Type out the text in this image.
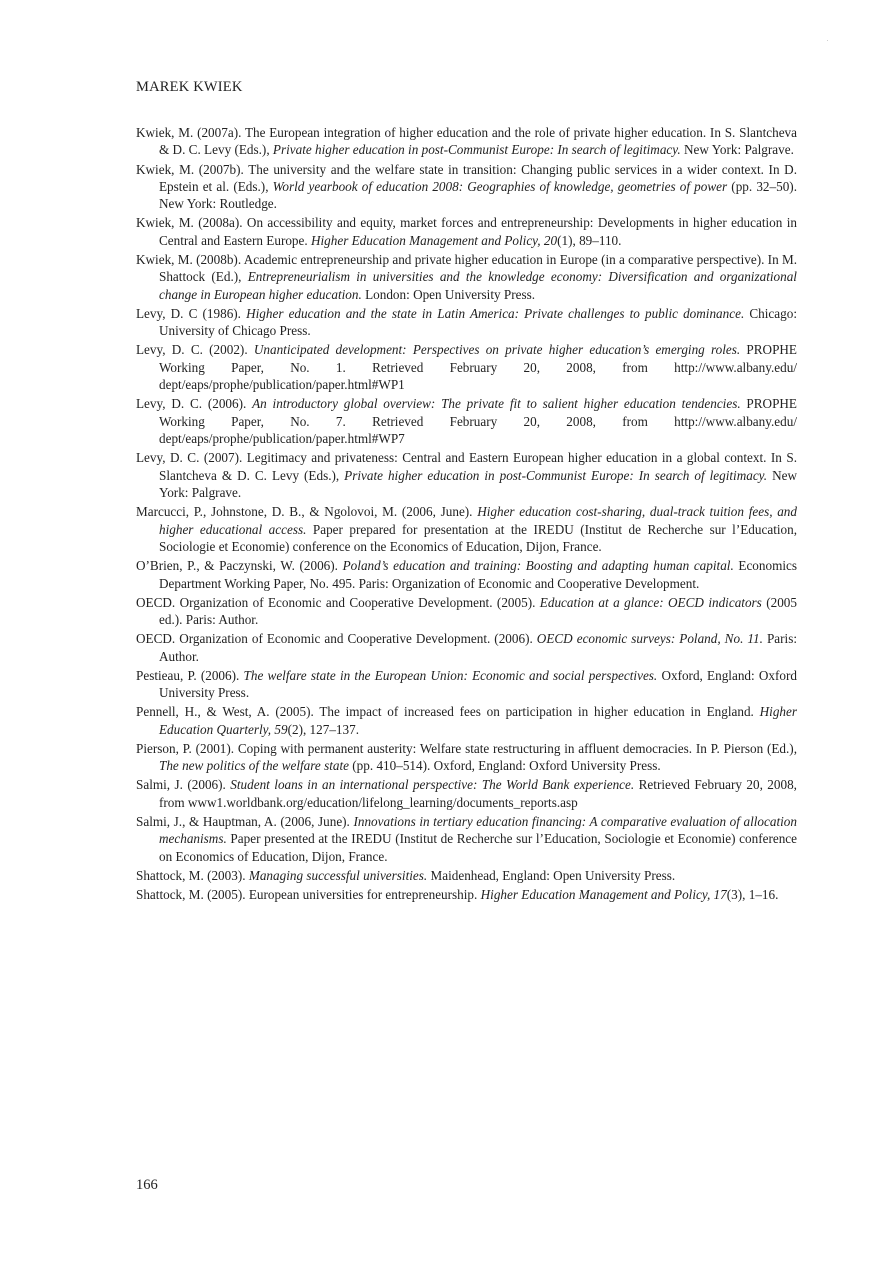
MAREK KWIEK
Kwiek, M. (2007a). The European integration of higher education and the role of private higher education. In S. Slantcheva & D. C. Levy (Eds.), Private higher education in post-Communist Europe: In search of legitimacy. New York: Palgrave.
Kwiek, M. (2007b). The university and the welfare state in transition: Changing public services in a wider context. In D. Epstein et al. (Eds.), World yearbook of education 2008: Geographies of knowledge, geometries of power (pp. 32–50). New York: Routledge.
Kwiek, M. (2008a). On accessibility and equity, market forces and entrepreneurship: Developments in higher education in Central and Eastern Europe. Higher Education Management and Policy, 20(1), 89–110.
Kwiek, M. (2008b). Academic entrepreneurship and private higher education in Europe (in a comparative perspective). In M. Shattock (Ed.), Entrepreneurialism in universities and the knowledge economy: Diversification and organizational change in European higher education. London: Open University Press.
Levy, D. C (1986). Higher education and the state in Latin America: Private challenges to public dominance. Chicago: University of Chicago Press.
Levy, D. C. (2002). Unanticipated development: Perspectives on private higher education’s emerging roles. PROPHE Working Paper, No. 1. Retrieved February 20, 2008, from http://www.albany.edu/ dept/eaps/prophe/publication/paper.html#WP1
Levy, D. C. (2006). An introductory global overview: The private fit to salient higher education tendencies. PROPHE Working Paper, No. 7. Retrieved February 20, 2008, from http://www.albany.edu/ dept/eaps/prophe/publication/paper.html#WP7
Levy, D. C. (2007). Legitimacy and privateness: Central and Eastern European higher education in a global context. In S. Slantcheva & D. C. Levy (Eds.), Private higher education in post-Communist Europe: In search of legitimacy. New York: Palgrave.
Marcucci, P., Johnstone, D. B., & Ngolovoi, M. (2006, June). Higher education cost-sharing, dual-track tuition fees, and higher educational access. Paper prepared for presentation at the IREDU (Institut de Recherche sur l’Education, Sociologie et Economie) conference on the Economics of Education, Dijon, France.
O’Brien, P., & Paczynski, W. (2006). Poland’s education and training: Boosting and adapting human capital. Economics Department Working Paper, No. 495. Paris: Organization of Economic and Cooperative Development.
OECD. Organization of Economic and Cooperative Development. (2005). Education at a glance: OECD indicators (2005 ed.). Paris: Author.
OECD. Organization of Economic and Cooperative Development. (2006). OECD economic surveys: Poland, No. 11. Paris: Author.
Pestieau, P. (2006). The welfare state in the European Union: Economic and social perspectives. Oxford, England: Oxford University Press.
Pennell, H., & West, A. (2005). The impact of increased fees on participation in higher education in England. Higher Education Quarterly, 59(2), 127–137.
Pierson, P. (2001). Coping with permanent austerity: Welfare state restructuring in affluent democracies. In P. Pierson (Ed.), The new politics of the welfare state (pp. 410–514). Oxford, England: Oxford University Press.
Salmi, J. (2006). Student loans in an international perspective: The World Bank experience. Retrieved February 20, 2008, from www1.worldbank.org/education/lifelong_learning/documents_reports.asp
Salmi, J., & Hauptman, A. (2006, June). Innovations in tertiary education financing: A comparative evaluation of allocation mechanisms. Paper presented at the IREDU (Institut de Recherche sur l’Education, Sociologie et Economie) conference on Economics of Education, Dijon, France.
Shattock, M. (2003). Managing successful universities. Maidenhead, England: Open University Press.
Shattock, M. (2005). European universities for entrepreneurship. Higher Education Management and Policy, 17(3), 1–16.
166
